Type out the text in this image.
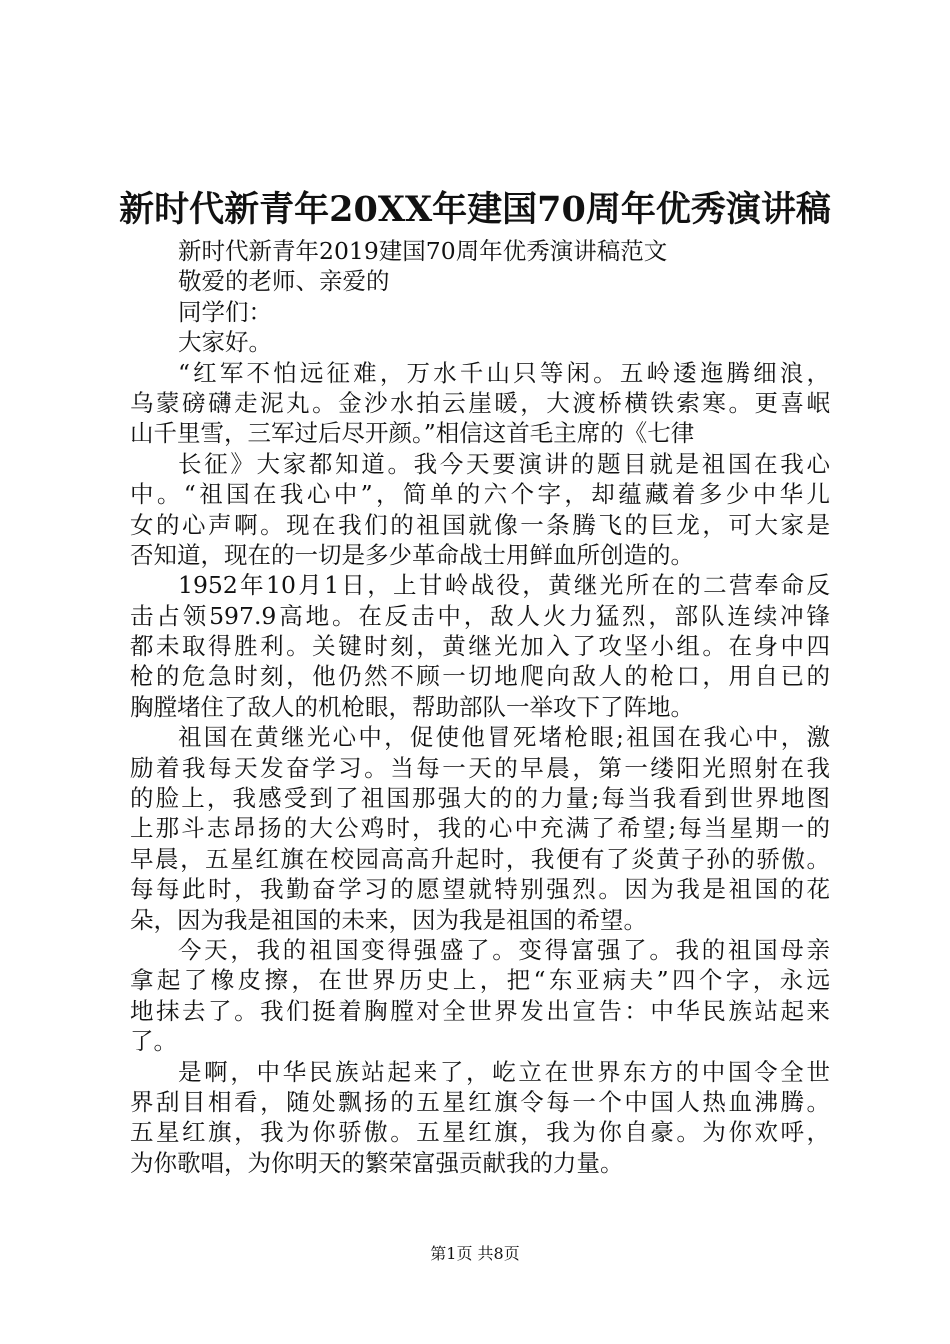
新时代新青年20XX年建国70周年优秀演讲稿
新时代新青年2019建国70周年优秀演讲稿范文
敬爱的老师、亲爱的
同学们：
大家好。
“红军不怕远征难，万水千山只等闲。五岭逶迤腾细浪，
乌蒙磅礴走泥丸。金沙水拍云崖暖，大渡桥横铁索寒。更喜岷
山千里雪，三军过后尽开颜。”相信这首毛主席的《七律
长征》大家都知道。我今天要演讲的题目就是祖国在我心
中。“祖国在我心中”，简单的六个字，却蕴藏着多少中华儿
女的心声啊。现在我们的祖国就像一条腾飞的巨龙，可大家是
否知道，现在的一切是多少革命战士用鲜血所创造的。
1952年10月1日，上甘岭战役，黄继光所在的二营奉命反
击占领597.9高地。在反击中，敌人火力猛烈，部队连续冲锋
都未取得胜利。关键时刻，黄继光加入了攻坚小组。在身中四
枪的危急时刻，他仍然不顾一切地爬向敌人的枪口，用自已的
胸膛堵住了敌人的机枪眼，帮助部队一举攻下了阵地。
祖国在黄继光心中，促使他冒死堵枪眼;祖国在我心中，激
励着我每天发奋学习。当每一天的早晨，第一缕阳光照射在我
的脸上，我感受到了祖国那强大的的力量;每当我看到世界地图
上那斗志昂扬的大公鸡时，我的心中充满了希望;每当星期一的
早晨，五星红旗在校园高高升起时，我便有了炎黄子孙的骄傲。
每每此时，我勤奋学习的愿望就特别强烈。因为我是祖国的花
朵，因为我是祖国的未来，因为我是祖国的希望。
今天，我的祖国变得强盛了。变得富强了。我的祖国母亲
拿起了橡皮擦，在世界历史上，把“东亚病夫”四个字，永远
地抹去了。我们挺着胸膛对全世界发出宣告：中华民族站起来
了。
是啊，中华民族站起来了，屹立在世界东方的中国令全世
界刮目相看，随处飘扬的五星红旗令每一个中国人热血沸腾。
五星红旗，我为你骄傲。五星红旗，我为你自豪。为你欢呼，
为你歌唱，为你明天的繁荣富强贡献我的力量。
第1页 共8页
